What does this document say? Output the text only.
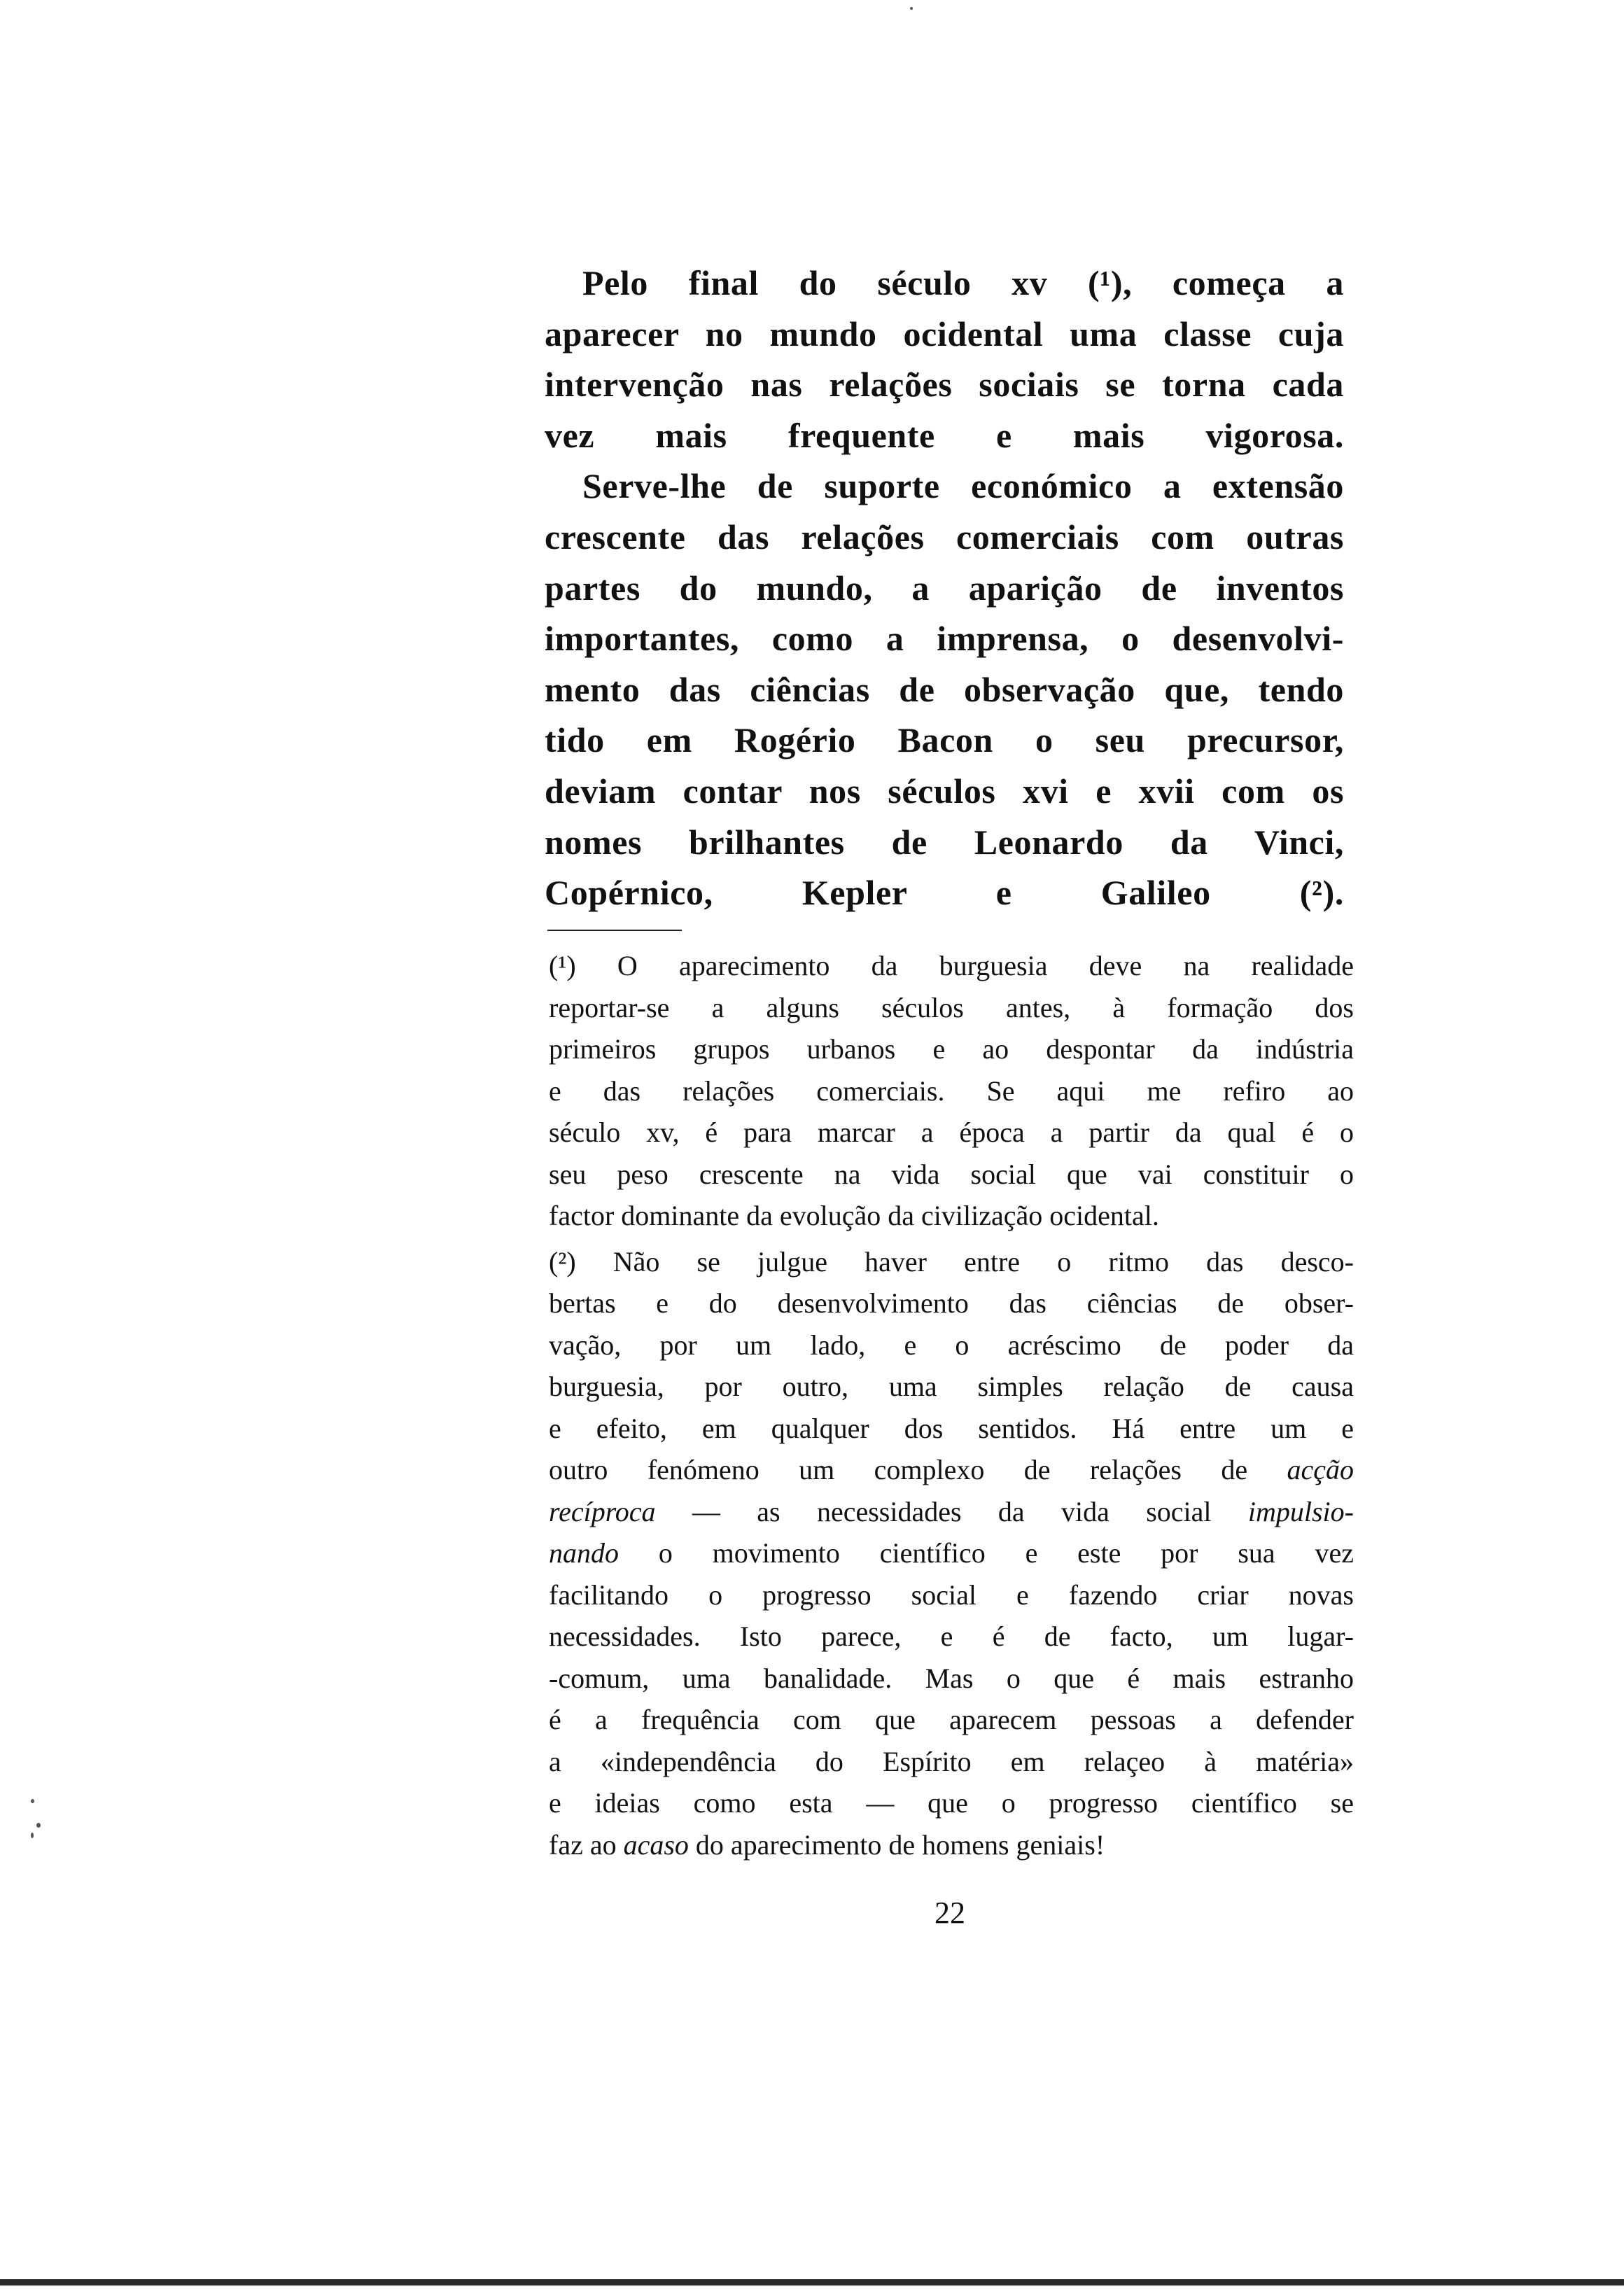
Pelo final do século xv (¹), começa a
aparecer no mundo ocidental uma classe cuja
intervenção nas relações sociais se torna cada
vez mais frequente e mais vigorosa.

Serve-lhe de suporte económico a extensão
crescente das relações comerciais com outras
partes do mundo, a aparição de inventos
importantes, como a imprensa, o desenvolvi-
mento das ciências de observação que, tendo
tido em Rogério Bacon o seu precursor,
deviam contar nos séculos xvi e xvii com os
nomes brilhantes de Leonardo da Vinci,
Copérnico, Kepler e Galileo (²).

(¹) O aparecimento da burguesia deve na realidade
reportar-se a alguns séculos antes, à formação dos
primeiros grupos urbanos e ao despontar da indústria
e das relações comerciais. Se aqui me refiro ao
século xv, é para marcar a época a partir da qual é o
seu peso crescente na vida social que vai constituir o
factor dominante da evolução da civilização ocidental.
(²) Não se julgue haver entre o ritmo das desco-
bertas e do desenvolvimento das ciências de obser-
vação, por um lado, e o acréscimo de poder da
burguesia, por outro, uma simples relação de causa
e efeito, em qualquer dos sentidos. Há entre um e
outro fenómeno um complexo de relações de acção
recíproca — as necessidades da vida social impulsio-
nando o movimento científico e este por sua vez
facilitando o progresso social e fazendo criar novas
necessidades. Isto parece, e é de facto, um lugar-
-comum, uma banalidade. Mas o que é mais estranho
é a frequência com que aparecem pessoas a defender
a «independência do Espírito em relaçeo à matéria»
e ideias como esta — que o progresso científico se
faz ao acaso do aparecimento de homens geniais!
22
